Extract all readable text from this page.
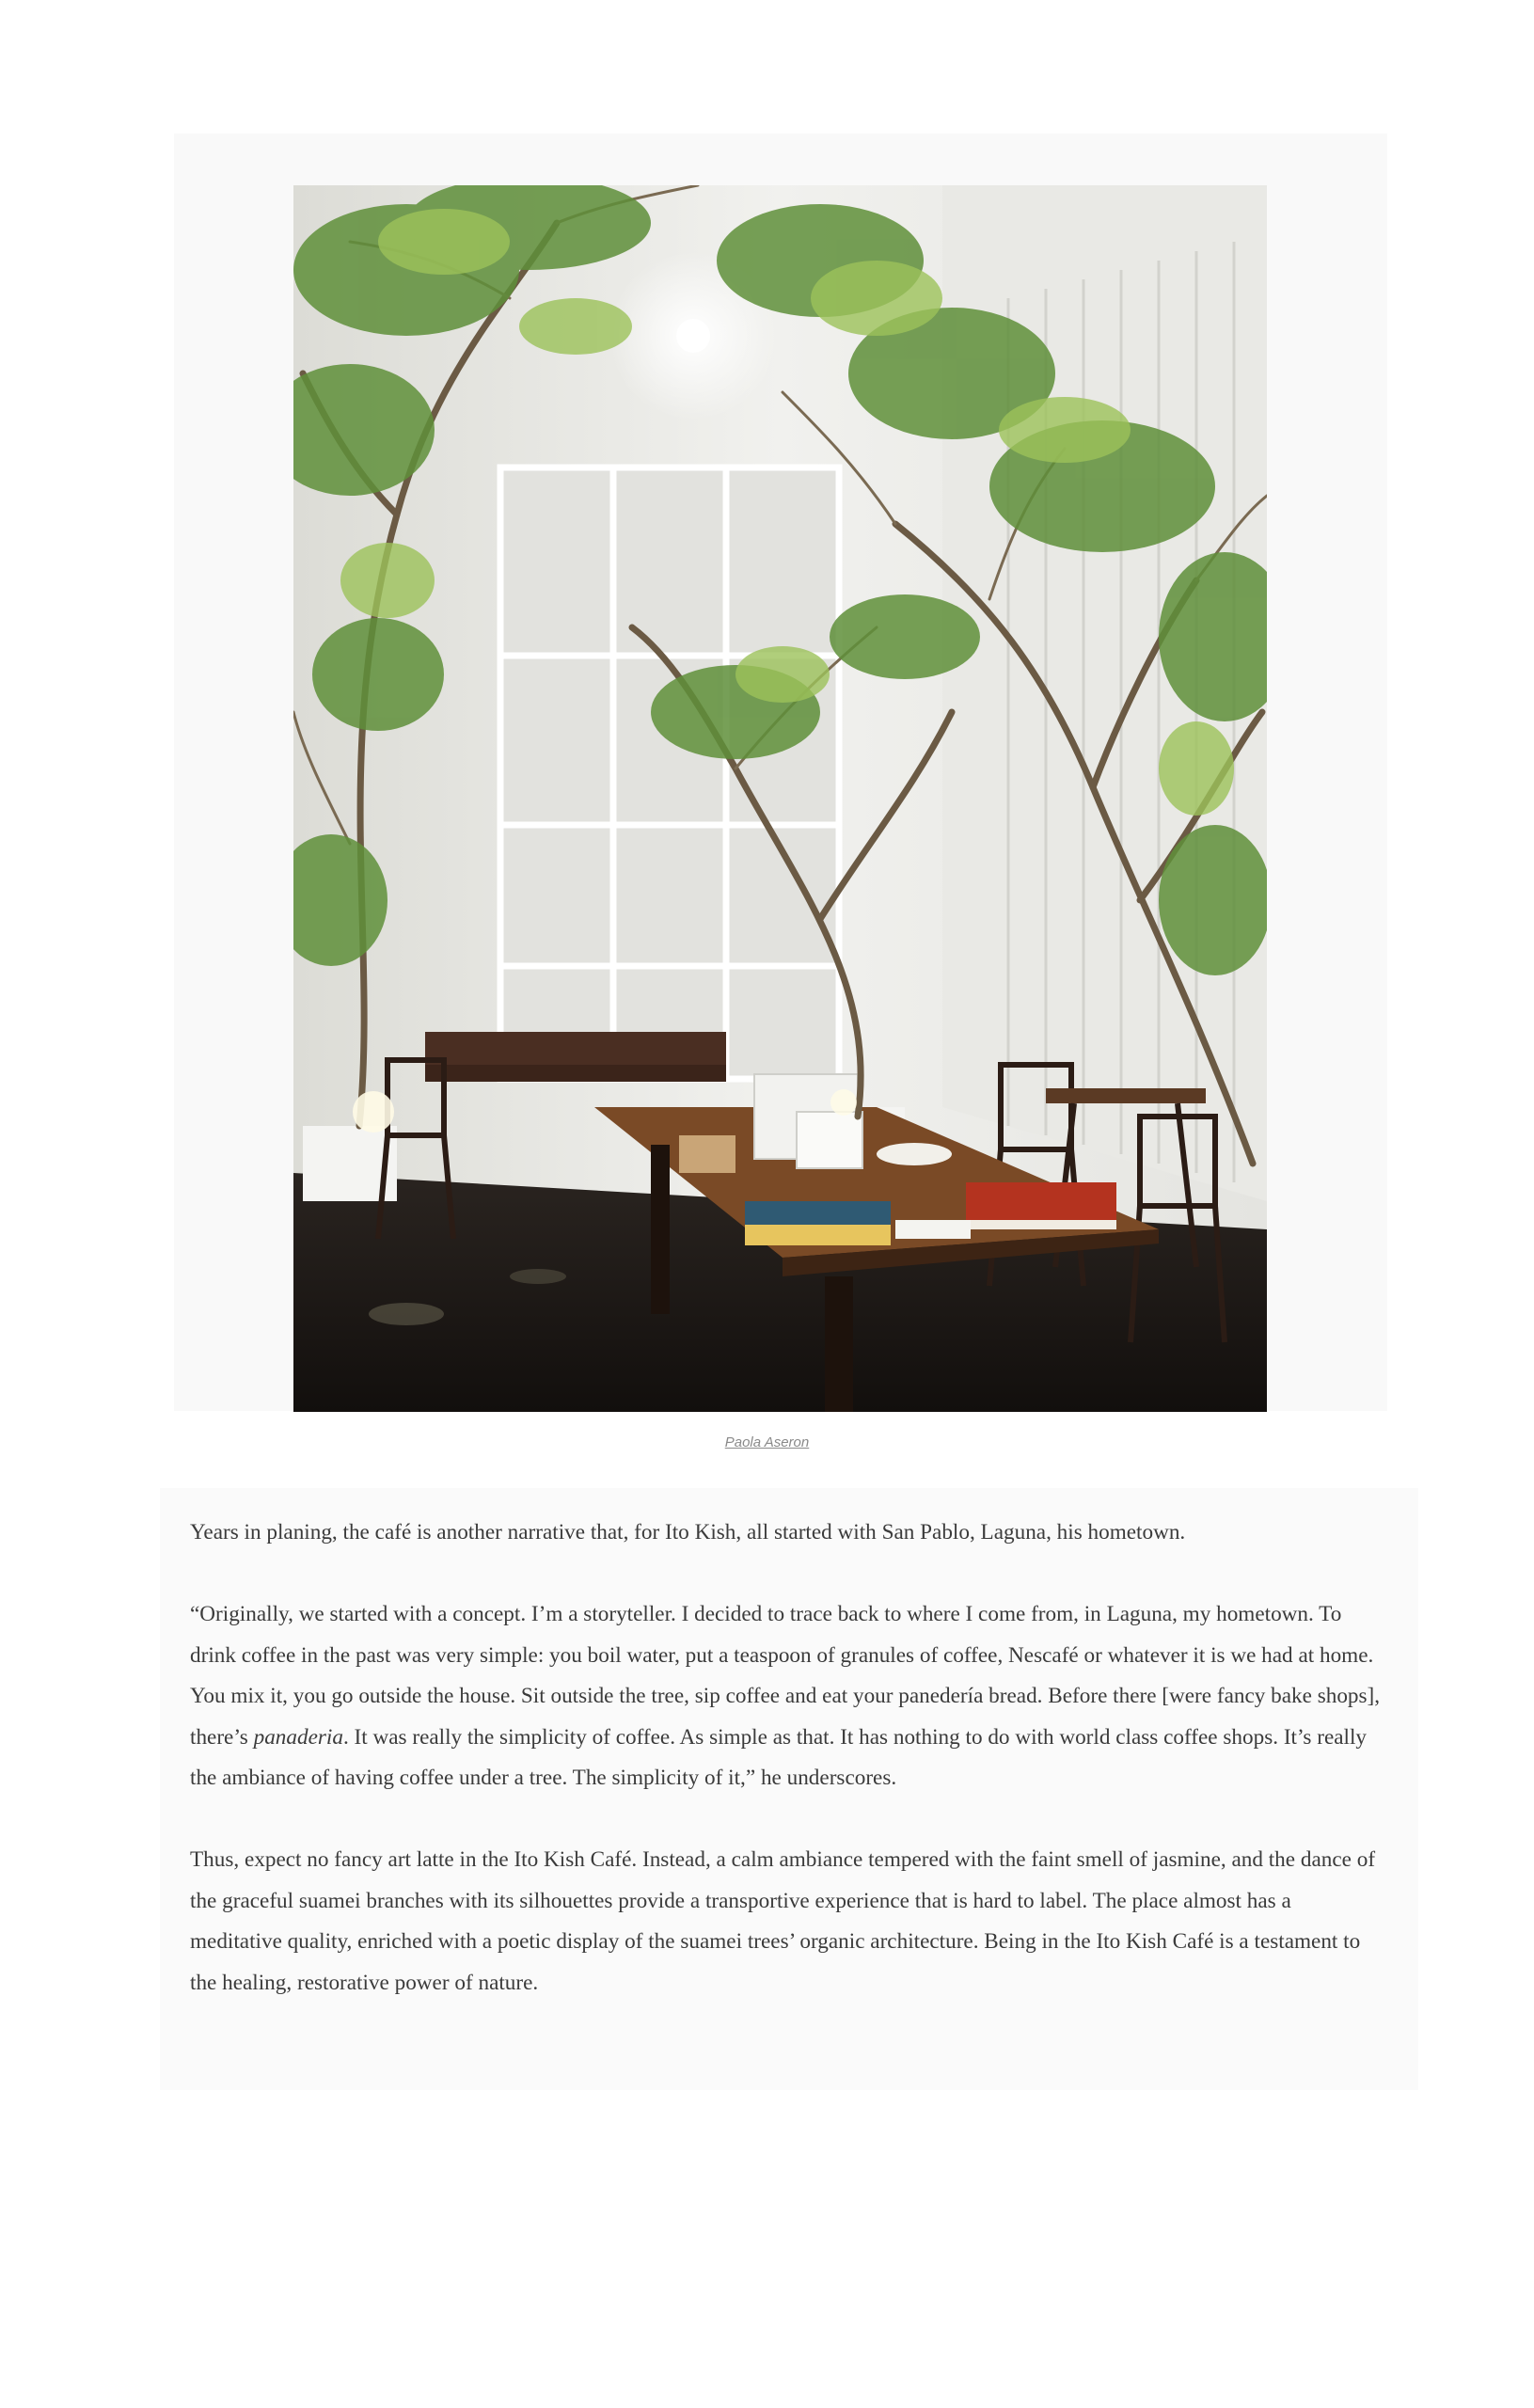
Paola Aseron

Years in planing, the café is another narrative that, for Ito Kish, all started with San Pablo, Laguna, his hometown.

“Originally, we started with a concept. I’m a storyteller. I decided to trace back to where I come from, in Laguna, my hometown. To drink coffee in the past was very simple: you boil water, put a teaspoon of granules of coffee, Nescafé or whatever it is we had at home. You mix it, you go outside the house. Sit outside the tree, sip coffee and eat your panedería bread. Before there [were fancy bake shops], there’s panaderia. It was really the simplicity of coffee. As simple as that. It has nothing to do with world class coffee shops. It’s really the ambiance of having coffee under a tree. The simplicity of it,” he underscores.

Thus, expect no fancy art latte in the Ito Kish Café. Instead, a calm ambiance tempered with the faint smell of jasmine, and the dance of the graceful suamei branches with its silhouettes provide a transportive experience that is hard to label. The place almost has a meditative quality, enriched with a poetic display of the suamei trees’ organic architecture. Being in the Ito Kish Café is a testament to the healing, restorative power of nature.
